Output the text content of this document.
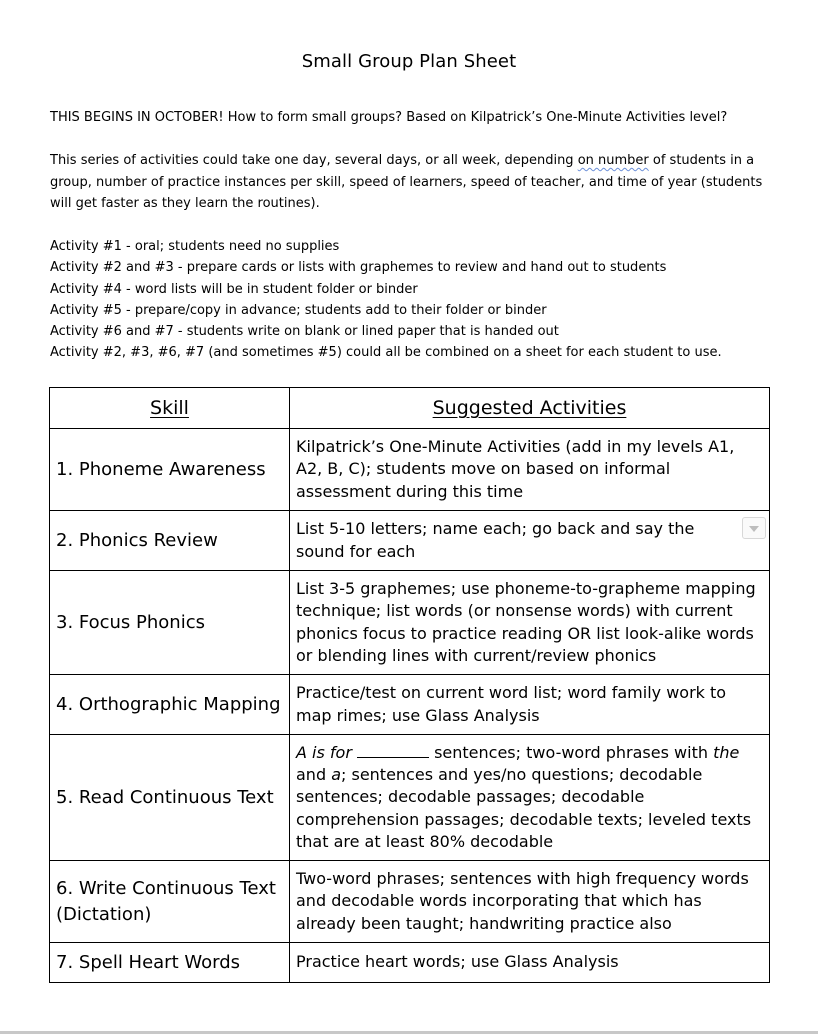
Small Group Plan Sheet
THIS BEGINS IN OCTOBER! How to form small groups? Based on Kilpatrick’s One-Minute Activities level?
This series of activities could take one day, several days, or all week, depending on number of students in a group, number of practice instances per skill, speed of learners, speed of teacher, and time of year (students will get faster as they learn the routines).
Activity #1 - oral; students need no supplies
Activity #2 and #3 - prepare cards or lists with graphemes to review and hand out to students
Activity #4 - word lists will be in student folder or binder
Activity #5 - prepare/copy in advance; students add to their folder or binder
Activity #6 and #7 - students write on blank or lined paper that is handed out
Activity #2, #3, #6, #7 (and sometimes #5) could all be combined on a sheet for each student to use.
Skill	Suggested Activities
1. Phoneme Awareness	Kilpatrick’s One-Minute Activities (add in my levels A1, A2, B, C); students move on based on informal assessment during this time
2. Phonics Review	List 5-10 letters; name each; go back and say the sound for each

3. Focus Phonics	List 3-5 graphemes; use phoneme-to-grapheme mapping technique; list words (or nonsense words) with current phonics focus to practice reading OR list look-alike words or blending lines with current/review phonics
4. Orthographic Mapping	Practice/test on current word list; word family work to map rimes; use Glass Analysis
5. Read Continuous Text	A is for sentences; two-word phrases with the and a; sentences and yes/no questions; decodable sentences; decodable passages; decodable comprehension passages; decodable texts; leveled texts that are at least 80% decodable
6. Write Continuous Text (Dictation)	Two-word phrases; sentences with high frequency words and decodable words incorporating that which has already been taught; handwriting practice also
7. Spell Heart Words	Practice heart words; use Glass Analysis
